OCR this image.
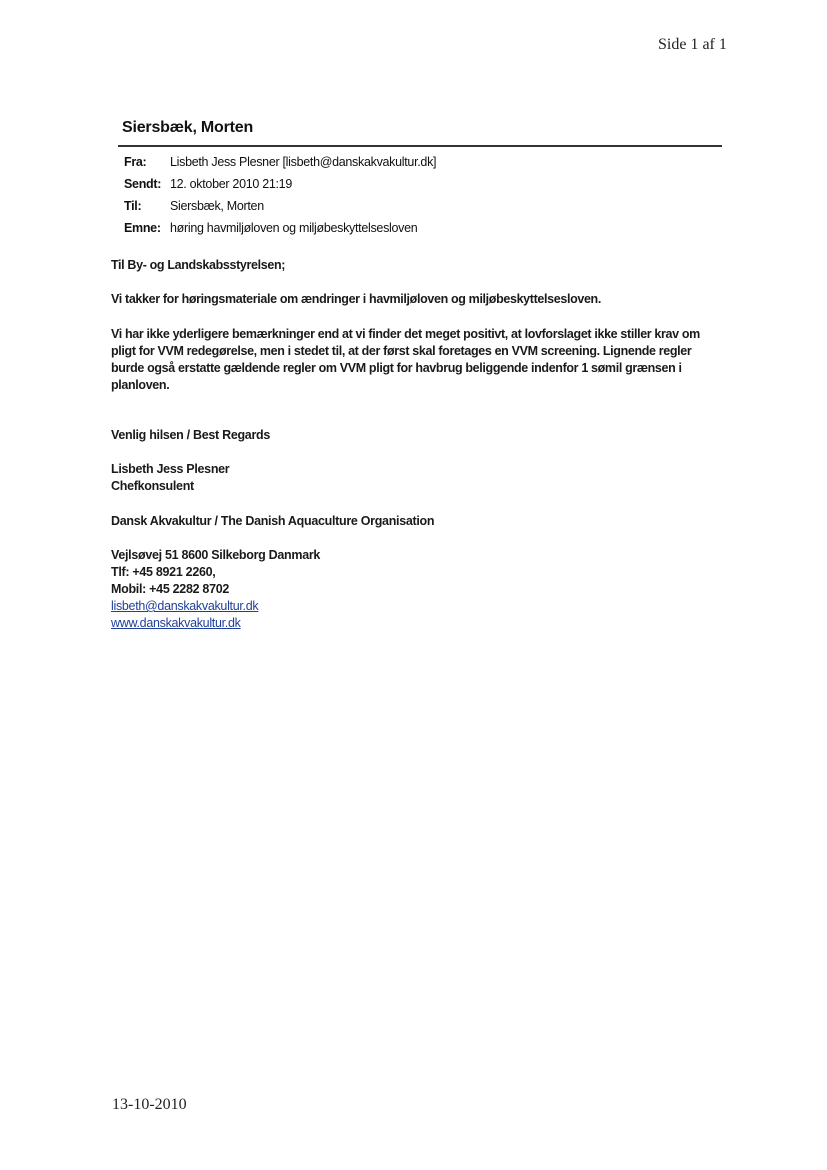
Side 1 af 1
Siersbæk, Morten
Fra: Lisbeth Jess Plesner [lisbeth@danskakvakultur.dk]
Sendt: 12. oktober 2010 21:19
Til: Siersbæk, Morten
Emne: høring havmiljøloven og miljøbeskyttelsesloven
Til By- og Landskabsstyrelsen;
Vi takker for høringsmateriale om ændringer i havmiljøloven og miljøbeskyttelsesloven.
Vi har ikke yderligere bemærkninger end at vi finder det meget positivt, at lovforslaget ikke stiller krav om pligt for VVM redegørelse, men i stedet til, at der først skal foretages en VVM screening. Lignende regler burde også erstatte gældende regler om VVM pligt for havbrug beliggende indenfor 1 sømil grænsen i planloven.
Venlig hilsen / Best Regards
Lisbeth Jess Plesner
Chefkonsulent
Dansk Akvakultur / The Danish Aquaculture Organisation
Vejlsøvej 51 8600 Silkeborg Danmark
Tlf: +45 8921 2260,
Mobil: +45 2282 8702
lisbeth@danskakvakultur.dk
www.danskakvakultur.dk
13-10-2010
